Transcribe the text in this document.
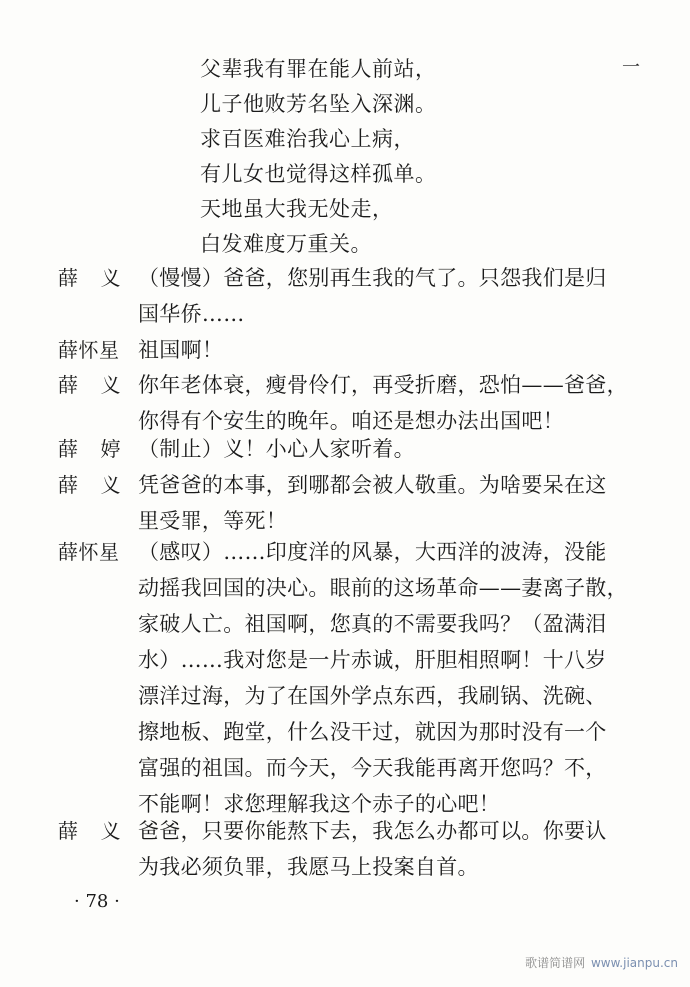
父辈我有罪在能人前站，
儿子他败芳名坠入深渊。
求百医难治我心上病，
有儿女也觉得这样孤单。
天地虽大我无处走，
白发难度万重关。
一
薛 义 （慢慢）爸爸，您别再生我的气了。只怨我们是归
国华侨……
薛怀星 祖国啊！
薛 义 你年老体衰，瘦骨伶仃，再受折磨，恐怕——爸爸，
你得有个安生的晚年。咱还是想办法出国吧！
薛 婷 （制止）义！小心人家听着。
薛 义 凭爸爸的本事，到哪都会被人敬重。为啥要呆在这
里受罪，等死！
薛怀星 （感叹）……印度洋的风暴，大西洋的波涛，没能
动摇我回国的决心。眼前的这场革命——妻离子散，
家破人亡。祖国啊，您真的不需要我吗？（盈满泪
水）……我对您是一片赤诚，肝胆相照啊！十八岁
漂洋过海，为了在国外学点东西，我刷锅、洗碗、
擦地板、跑堂，什么没干过，就因为那时没有一个
富强的祖国。而今天，今天我能再离开您吗？不，
不能啊！求您理解我这个赤子的心吧！
薛 义 爸爸，只要你能熬下去，我怎么办都可以。你要认
为我必须负罪，我愿马上投案自首。
· 78 ·
歌谱简谱网 www.jianpu.cn
